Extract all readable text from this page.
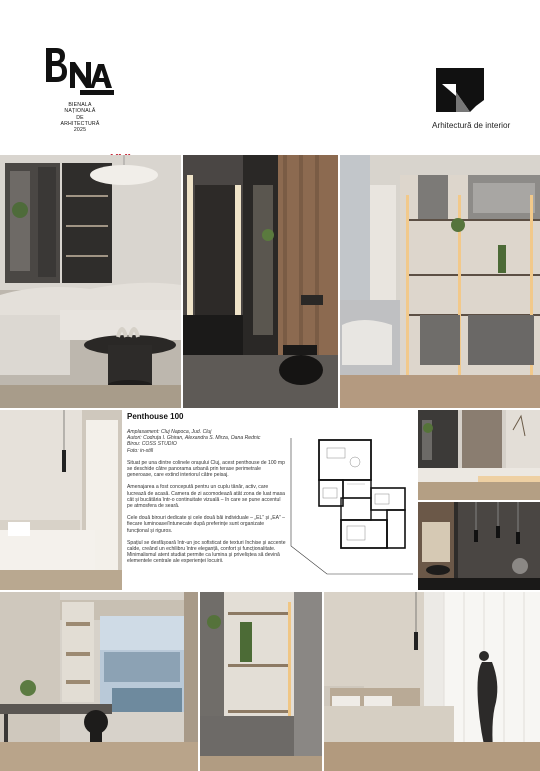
BIENALA
NAȚIONALĂ
DE
ARHITECTURĂ
2025
Arhitectură de interior
Penthouse 100

Amplasament: Cluj Napoca, Jud. Cluj

Autori: Codruța I. Ghiran, Alexandra S. Mirza, Oana Rednic

Birou: COSS STUDIO

Foto: in-still

Situat pe una dintre colinele orașului Cluj, acest penthouse de 100 mp se deschide către panorama urbană prin terase perimetrale generoase, care extind interiorul către peisaj.

Amenajarea a fost concepută pentru un cuplu tânăr, activ, care lucrează de acasă. Camera de zi acomodează atât zona de luat masa cât și bucătăria într-o continuitate vizuală – în care se pune accentul pe atmosfera de seară.

Cele două birouri dedicate și cele două băi individuale – „EL” și „EA” – fiecare luminoase/întunecate după preferințe sunt organizate funcțional și riguros.

Spațiul se desfășoară într-un joc sofisticat de texturi închise și accente calde, creând un echilibru între eleganță, confort și funcționalitate. Minimalismul atent studiat permite ca lumina și priveliștea să devină elementele centrale ale experienței locuirii.
